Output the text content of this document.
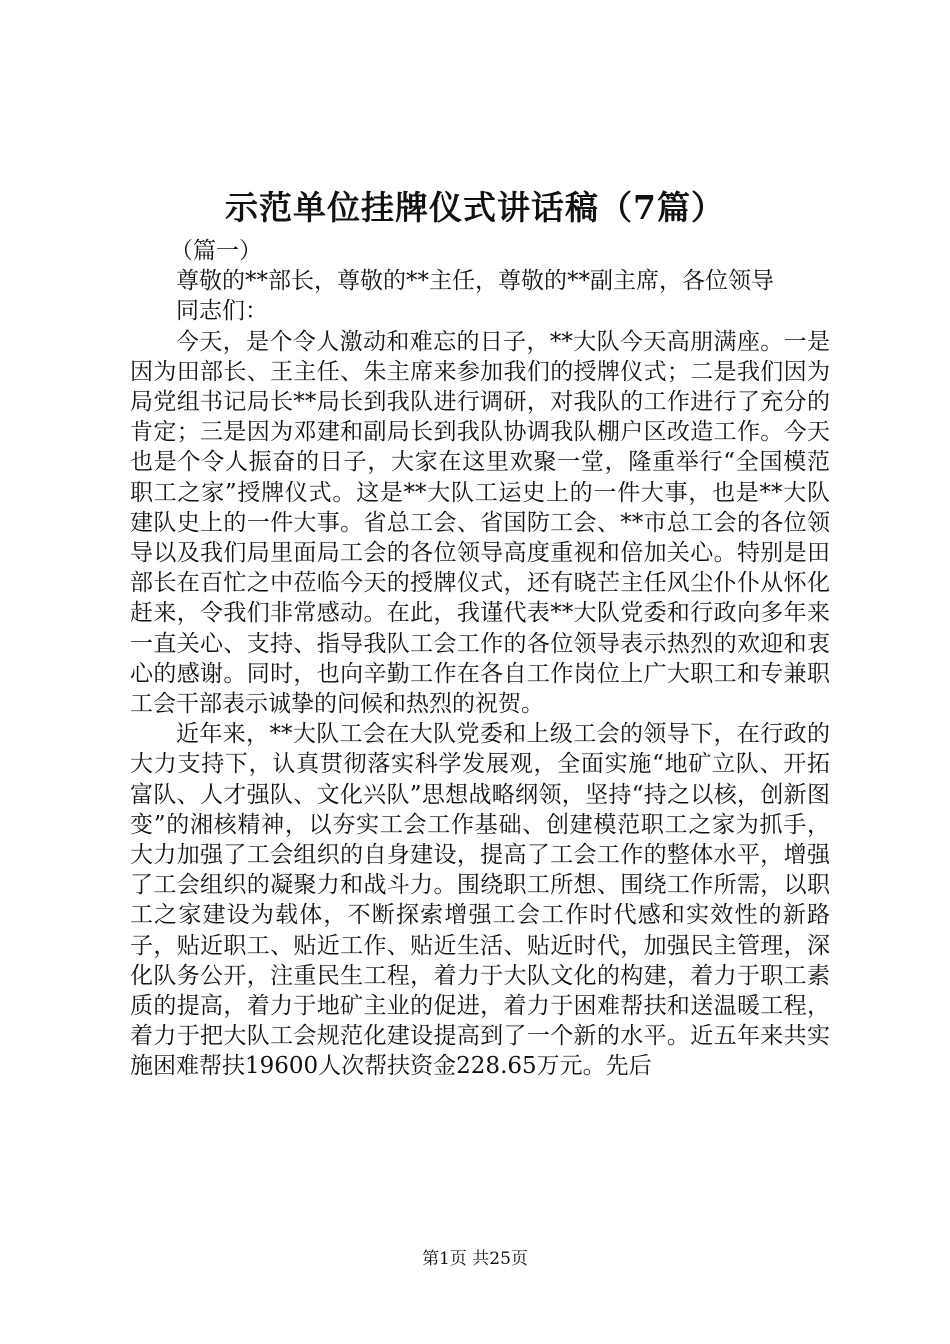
示范单位挂牌仪式讲话稿（7篇）

（篇一）

尊敬的**部长，尊敬的**主任，尊敬的**副主席，各位领导

同志们：

今天，是个令人激动和难忘的日子，**大队今天高朋满座。一是因为田部长、王主任、朱主席来参加我们的授牌仪式；二是我们因为局党组书记局长**局长到我队进行调研，对我队的工作进行了充分的肯定；三是因为邓建和副局长到我队协调我队棚户区改造工作。今天也是个令人振奋的日子，大家在这里欢聚一堂，隆重举行“全国模范职工之家”授牌仪式。这是**大队工运史上的一件大事，也是**大队建队史上的一件大事。省总工会、省国防工会、**市总工会的各位领导以及我们局里面局工会的各位领导高度重视和倍加关心。特别是田部长在百忙之中莅临今天的授牌仪式，还有晓芒主任风尘仆仆从怀化赶来，令我们非常感动。在此，我谨代表**大队党委和行政向多年来一直关心、支持、指导我队工会工作的各位领导表示热烈的欢迎和衷心的感谢。同时，也向辛勤工作在各自工作岗位上广大职工和专兼职工会干部表示诚挚的问候和热烈的祝贺。

近年来，**大队工会在大队党委和上级工会的领导下，在行政的大力支持下，认真贯彻落实科学发展观，全面实施“地矿立队、开拓富队、人才强队、文化兴队”思想战略纲领，坚持“持之以核，创新图变”的湘核精神，以夯实工会工作基础、创建模范职工之家为抓手，大力加强了工会组织的自身建设，提高了工会工作的整体水平，增强了工会组织的凝聚力和战斗力。围绕职工所想、围绕工作所需，以职工之家建设为载体，不断探索增强工会工作时代感和实效性的新路子，贴近职工、贴近工作、贴近生活、贴近时代，加强民主管理，深化队务公开，注重民生工程，着力于大队文化的构建，着力于职工素质的提高，着力于地矿主业的促进，着力于困难帮扶和送温暖工程，着力于把大队工会规范化建设提高到了一个新的水平。近五年来共实施困难帮扶19600人次帮扶资金228.65万元。先后

第1页 共25页
